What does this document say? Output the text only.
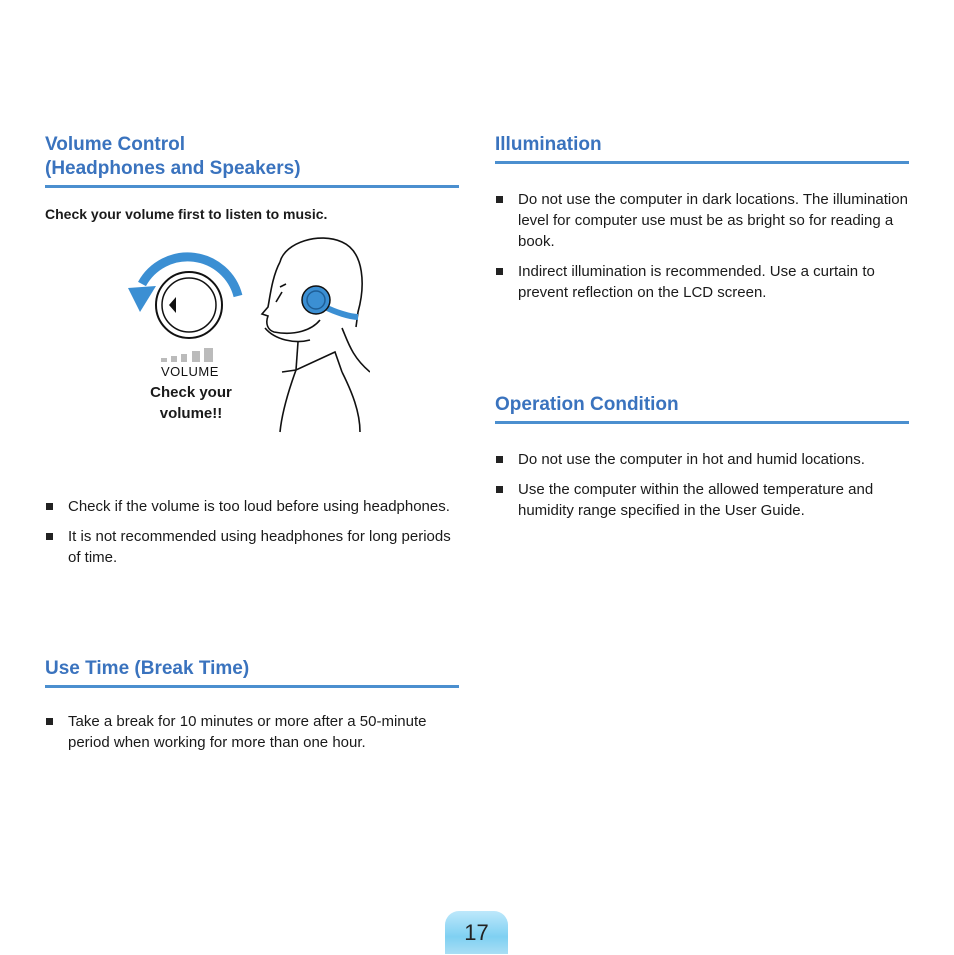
Volume Control
(Headphones and Speakers)
Check your volume first to listen to music.
VOLUME
Check your
volume!!
Check if the volume is too loud before using headphones.
It is not recommended using headphones for long periods of time.
Use Time (Break Time)
Take a break for 10 minutes or more after a 50-minute period when working for more than one hour.
Illumination
Do not use the computer in dark locations. The illumination level for computer use must be as bright so for reading a book.
Indirect illumination is recommended. Use a curtain to prevent reflection on the LCD screen.
Operation Condition
Do not use the computer in hot and humid locations.
Use the computer within the allowed temperature and humidity range specified in the User Guide.
17
